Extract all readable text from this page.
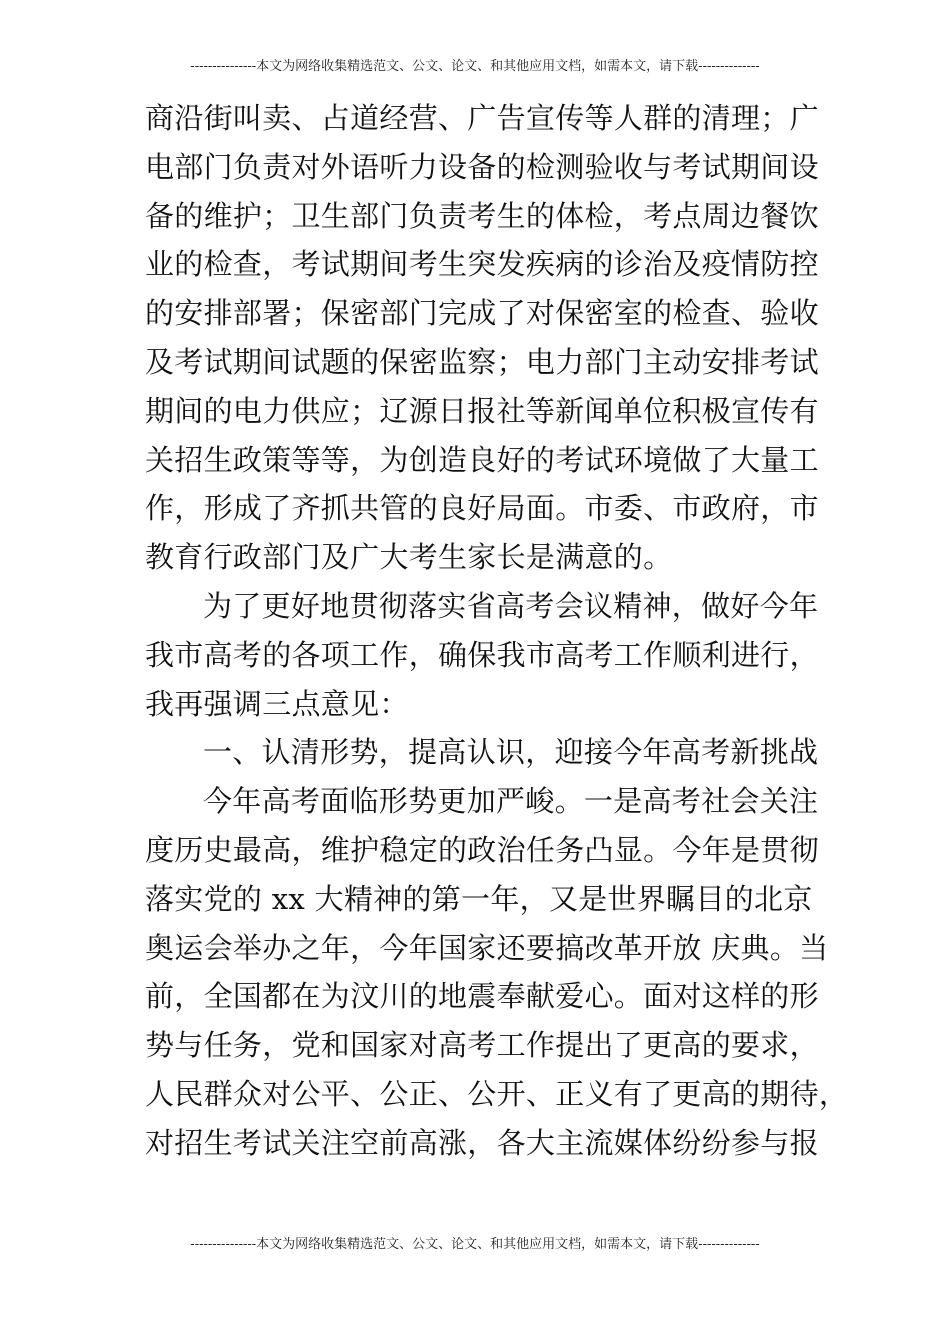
---------------本文为网络收集精选范文、公文、论文、和其他应用文档，如需本文，请下载--------------
商沿街叫卖、占道经营、广告宣传等人群的清理；广
电部门负责对外语听力设备的检测验收与考试期间设
备的维护；卫生部门负责考生的体检，考点周边餐饮
业的检查，考试期间考生突发疾病的诊治及疫情防控
的安排部署；保密部门完成了对保密室的检查、验收
及考试期间试题的保密监察；电力部门主动安排考试
期间的电力供应；辽源日报社等新闻单位积极宣传有
关招生政策等等，为创造良好的考试环境做了大量工
作，形成了齐抓共管的良好局面。市委、市政府，市
教育行政部门及广大考生家长是满意的。
为了更好地贯彻落实省高考会议精神，做好今年
我市高考的各项工作，确保我市高考工作顺利进行，
我再强调三点意见：
一、认清形势，提高认识，迎接今年高考新挑战
今年高考面临形势更加严峻。一是高考社会关注
度历史最高，维护稳定的政治任务凸显。今年是贯彻
落实党的 xx 大精神的第一年，又是世界瞩目的北京
奥运会举办之年，今年国家还要搞改革开放 庆典。当
前，全国都在为汶川的地震奉献爱心。面对这样的形
势与任务，党和国家对高考工作提出了更高的要求，
人民群众对公平、公正、公开、正义有了更高的期待，
对招生考试关注空前高涨，各大主流媒体纷纷参与报
---------------本文为网络收集精选范文、公文、论文、和其他应用文档，如需本文，请下载--------------
